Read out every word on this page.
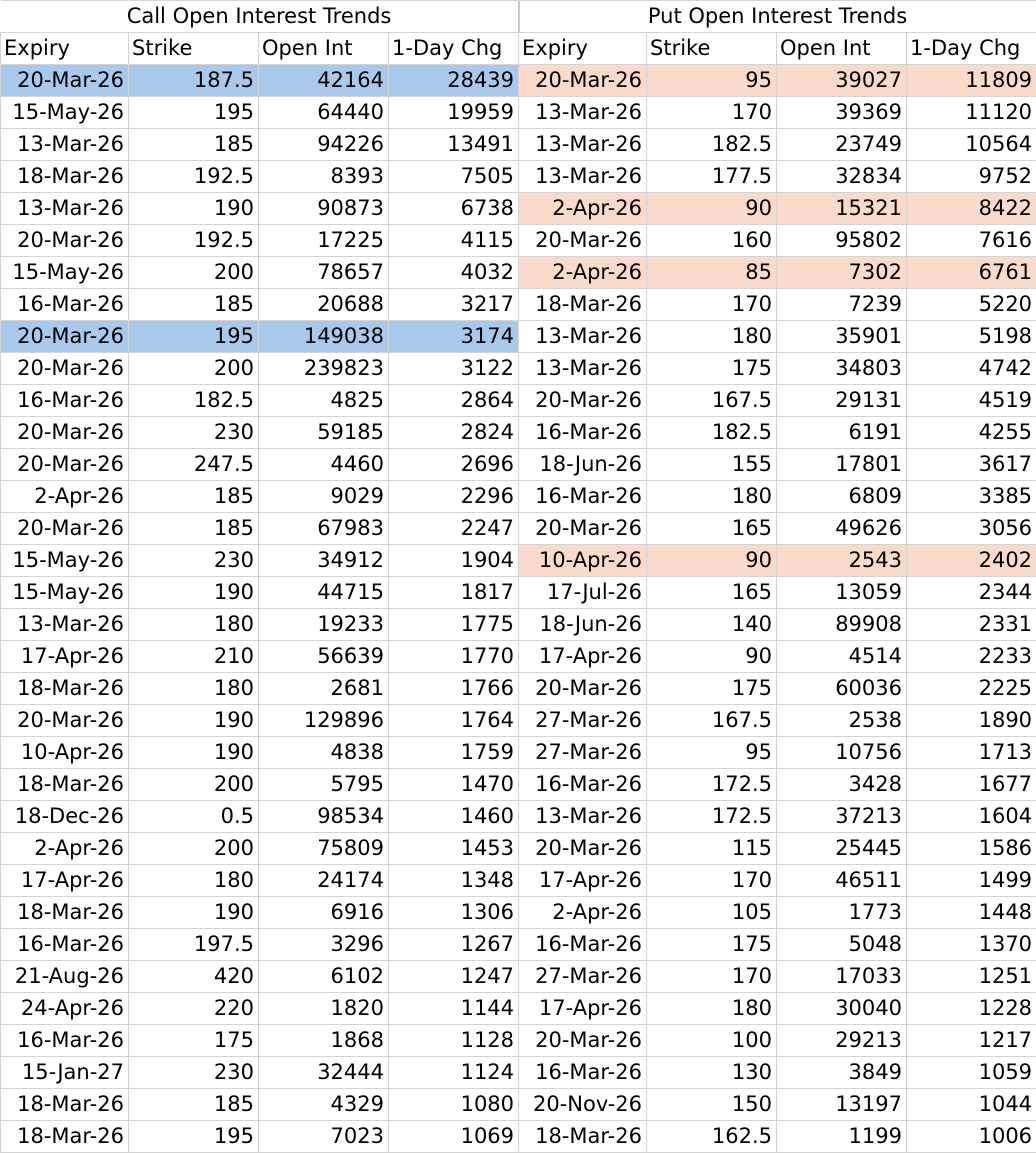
Call Open Interest Trends			
Expiry	Strike	Open Int	1-Day Chg
20-Mar-26	187.5	42164	28439
15-May-26	195	64440	19959
13-Mar-26	185	94226	13491
18-Mar-26	192.5	8393	7505
13-Mar-26	190	90873	6738
20-Mar-26	192.5	17225	4115
15-May-26	200	78657	4032
16-Mar-26	185	20688	3217
20-Mar-26	195	149038	3174
20-Mar-26	200	239823	3122
16-Mar-26	182.5	4825	2864
20-Mar-26	230	59185	2824
20-Mar-26	247.5	4460	2696
2-Apr-26	185	9029	2296
20-Mar-26	185	67983	2247
15-May-26	230	34912	1904
15-May-26	190	44715	1817
13-Mar-26	180	19233	1775
17-Apr-26	210	56639	1770
18-Mar-26	180	2681	1766
20-Mar-26	190	129896	1764
10-Apr-26	190	4838	1759
18-Mar-26	200	5795	1470
18-Dec-26	0.5	98534	1460
2-Apr-26	200	75809	1453
17-Apr-26	180	24174	1348
18-Mar-26	190	6916	1306
16-Mar-26	197.5	3296	1267
21-Aug-26	420	6102	1247
24-Apr-26	220	1820	1144
16-Mar-26	175	1868	1128
15-Jan-27	230	32444	1124
18-Mar-26	185	4329	1080
18-Mar-26	195	7023	1069
Put Open Interest Trends			
Expiry	Strike	Open Int	1-Day Chg
20-Mar-26	95	39027	11809
13-Mar-26	170	39369	11120
13-Mar-26	182.5	23749	10564
13-Mar-26	177.5	32834	9752
2-Apr-26	90	15321	8422
20-Mar-26	160	95802	7616
2-Apr-26	85	7302	6761
18-Mar-26	170	7239	5220
13-Mar-26	180	35901	5198
13-Mar-26	175	34803	4742
20-Mar-26	167.5	29131	4519
16-Mar-26	182.5	6191	4255
18-Jun-26	155	17801	3617
16-Mar-26	180	6809	3385
20-Mar-26	165	49626	3056
10-Apr-26	90	2543	2402
17-Jul-26	165	13059	2344
18-Jun-26	140	89908	2331
17-Apr-26	90	4514	2233
20-Mar-26	175	60036	2225
27-Mar-26	167.5	2538	1890
27-Mar-26	95	10756	1713
16-Mar-26	172.5	3428	1677
13-Mar-26	172.5	37213	1604
20-Mar-26	115	25445	1586
17-Apr-26	170	46511	1499
2-Apr-26	105	1773	1448
16-Mar-26	175	5048	1370
27-Mar-26	170	17033	1251
17-Apr-26	180	30040	1228
20-Mar-26	100	29213	1217
16-Mar-26	130	3849	1059
20-Nov-26	150	13197	1044
18-Mar-26	162.5	1199	1006
